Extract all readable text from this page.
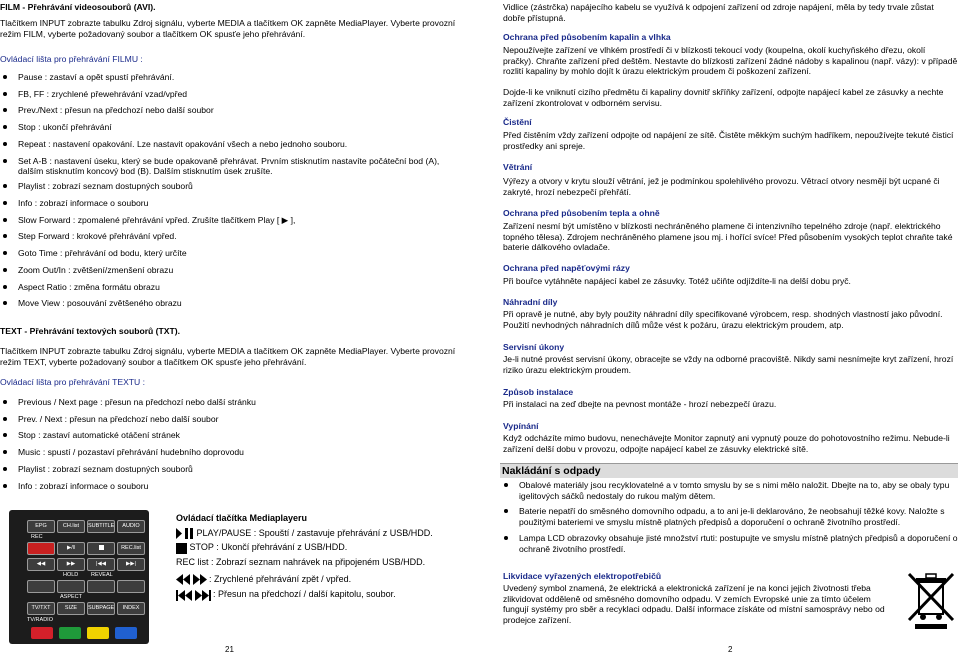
FILM - Přehrávání videosouborů (AVI).

Tlačítkem INPUT zobrazte tabulku Zdroj signálu, vyberte MEDIA a tlačítkem OK zapněte MediaPlayer. Vyberte provozní režim FILM, vyberte požadovaný soubor a tlačítkem OK spusťe jeho přehrávání.

Ovládací lišta pro přehrávání FILMU :

Pause : zastaví a opět spustí přehrávání.
FB, FF : zrychlené přewehrávání vzad/vpřed
Prev./Next : přesun na předchozí nebo další soubor
Stop : ukončí přehrávání
Repeat : nastavení opakování. Lze nastavit opakování všech a nebo jednoho souboru.
Set A-B : nastavení úseku, který se bude opakovaně přehrávat. Prvním stisknutím nastavíte počáteční bod (A), dalším stisknutím koncový bod (B). Dalším stisknutím úsek zrušíte.
Playlist : zobrazí seznam dostupných souborů
Info : zobrazí informace o souboru
Slow Forward : zpomalené přehrávání vpřed. Zrušíte tlačítkem Play [ ▶ ],
Step Forward : krokové přehrávání vpřed.
Goto Time : přehrávání od bodu, který určíte
Zoom Out/In : zvětšení/zmenšení obrazu
Aspect Ratio : změna formátu obrazu
Move View : posouvání zvětšeného obrazu

TEXT - Přehrávání textových souborů (TXT).

Tlačítkem INPUT zobrazte tabulku Zdroj signálu, vyberte MEDIA a tlačítkem OK zapněte MediaPlayer. Vyberte provozní režim TEXT, vyberte požadovaný soubor a tlačítkem OK spusťe jeho přehrávání.

Ovládací lišta pro přehrávání TEXTU :

Previous / Next page : přesun na předchozí nebo další stránku
Prev. / Next : přesun na předchozí nebo další soubor
Stop : zastaví automatické otáčení stránek
Music : spustí / pozastaví přehrávání hudebního doprovodu
Playlist : zobrazí seznam dostupných souborů
Info : zobrazí informace o souboru
EPG	CH.list	SUBTITLE	AUDIO
REC
▶/‖	REC.list
◀◀	▶▶	|◀◀	▶▶|
HOLD REVEAL
ASPECT
TV/TXT	SIZE	SUBPAGE	INDEX
TV/RADIO

Ovládací tlačítka Mediaplayeru

PLAY/PAUSE : Spouští / zastavuje přehrávání z USB/HDD.

STOP : Ukončí přehrávání z USB/HDD.

REC list : Zobrazí seznam nahrávek na připojeném USB/HDD.

: Zrychlené přehrávání zpět / vpřed.

: Přesun na předchozí / další kapitolu, soubor.

21

Vidlice (zástrčka) napájecího kabelu se využívá k odpojení zařízení od zdroje napájení, měla by tedy trvale zůstat dobře přístupná.

Ochrana před působením kapalin a vlhka

Nepoužívejte zařízení ve vlhkém prostředí či v blízkosti tekoucí vody (koupelna, okolí kuchyňského dřezu, okolí pračky). Chraňte zařízení před deštěm. Nestavte do blízkosti zařízení žádné nádoby s kapalinou (např. vázy): v případě rozlití kapaliny by mohlo dojít k úrazu elektrickým proudem či poškození zařízení.

Dojde-li ke vniknutí cizího předmětu či kapaliny dovnitř skříňky zařízení, odpojte napájecí kabel ze zásuvky a nechte zařízení zkontrolovat v odborném servisu.

Čistění

Před čistěním vždy zařízení odpojte od napájení ze sítě. Čistěte měkkým suchým hadříkem, nepoužívejte tekuté čisticí prostředky ani spreje.

Větrání

Výřezy a otvory v krytu slouží větrání, jež je podmínkou spolehlivého provozu. Větrací otvory nesmějí být ucpané či zakryté, hrozí nebezpečí přehřátí.

Ochrana před působením tepla a ohně

Zařízení nesmí být umístěno v blízkosti nechráněného plamene či intenzivního tepelného zdroje (např. elektrického topného tělesa). Zdrojem nechráněného plamene jsou mj. i hořící svíce! Před působením vysokých teplot chraňte také baterie dálkového ovladače.

Ochrana před napěťovými rázy

Při bouřce vytáhněte napájecí kabel ze zásuvky. Totéž učiňte odjíždíte-li na delší dobu pryč.

Náhradní díly

Při opravě je nutné, aby byly použity náhradní díly specifikované výrobcem, resp. shodných vlastností jako původní. Použití nevhodných náhradních dílů může vést k požáru, úrazu elektrickým proudem, atp.

Servisní úkony

Je-li nutné provést servisní úkony, obracejte se vždy na odborné pracoviště. Nikdy sami nesnímejte kryt zařízení, hrozí riziko úrazu elektrickým proudem.

Způsob instalace

Při instalaci na zeď dbejte na pevnost montáže - hrozí nebezpečí úrazu.

Vypínání

Když odcházíte mimo budovu, nenechávejte Monitor zapnutý ani vypnutý pouze do pohotovostního režimu. Nebude-li zařízení delší dobu v provozu, odpojte napájecí kabel ze zásuvky elektrické sítě.

Nakládání s odpady
Obalové materiály jsou recyklovatelné a v tomto smyslu by se s nimi mělo naložit. Dbejte na to, aby se obaly typu igelitových sáčků nedostaly do rukou malým dětem.
Baterie nepatří do směsného domovního odpadu, a to ani je-li deklarováno, že neobsahují těžké kovy. Naložte s použitými bateriemi ve smyslu místně platných předpisů a doporučení o ochraně životního prostředí.
Lampa LCD obrazovky obsahuje jisté množství rtuti: postupujte ve smyslu místně platných předpisů a doporučení o ochraně životního prostředí.

Likvidace vyřazených elektropotřebičů

Uvedený symbol znamená, že elektrická a elektronická zařízení je na konci jejich životnosti třeba zlikvidovat odděleně od směsného domovního odpadu. V zemích Evropské unie za tímto účelem fungují systémy pro sběr a recyklaci odpadu. Další informace získáte od místní samosprávy nebo od prodejce zařízení.

2
